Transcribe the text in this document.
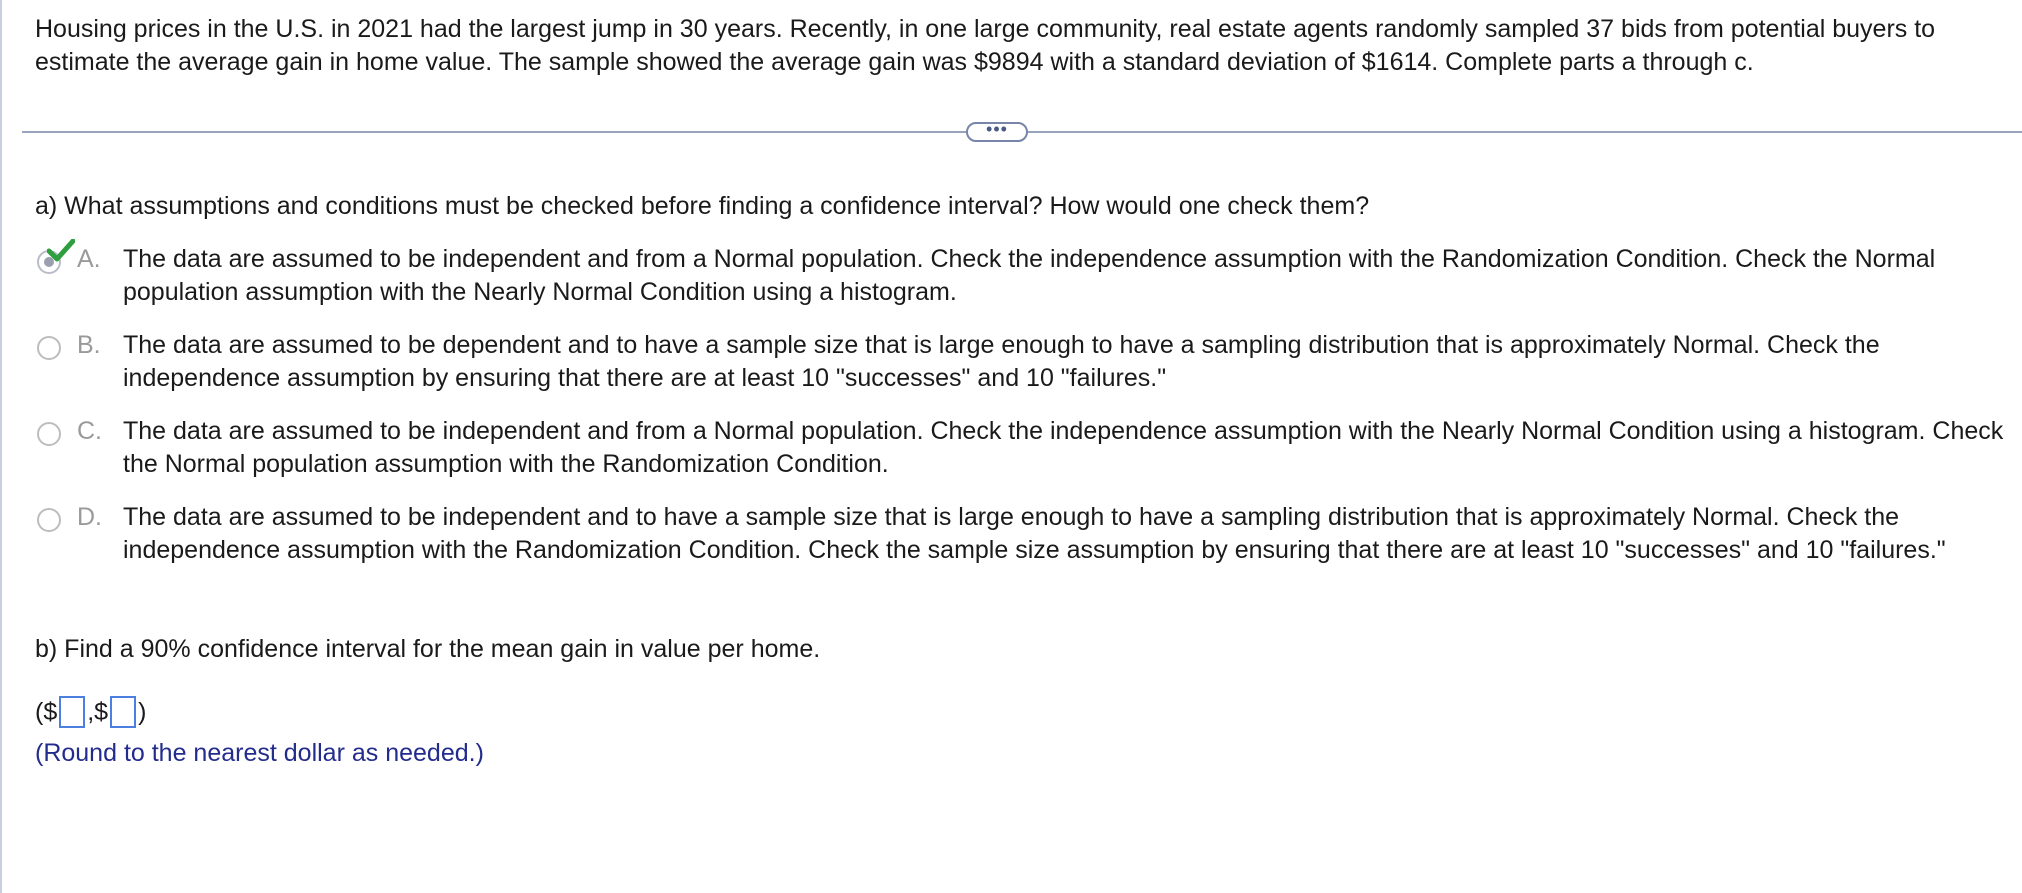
Housing prices in the U.S. in 2021 had the largest jump in 30 years. Recently, in one large community, real estate agents randomly sampled 37 bids from potential buyers to estimate the average gain in home value. The sample showed the average gain was $9894 with a standard deviation of $1614. Complete parts a through c.
•••
a) What assumptions and conditions must be checked before finding a confidence interval? How would one check them?
A. The data are assumed to be independent and from a Normal population. Check the independence assumption with the Randomization Condition. Check the Normal population assumption with the Nearly Normal Condition using a histogram.
B. The data are assumed to be dependent and to have a sample size that is large enough to have a sampling distribution that is approximately Normal. Check the independence assumption by ensuring that there are at least 10 "successes" and 10 "failures."
C. The data are assumed to be independent and from a Normal population. Check the independence assumption with the Nearly Normal Condition using a histogram. Check the Normal population assumption with the Randomization Condition.
D. The data are assumed to be independent and to have a sample size that is large enough to have a sampling distribution that is approximately Normal. Check the independence assumption with the Randomization Condition. Check the sample size assumption by ensuring that there are at least 10 "successes" and 10 "failures."
b) Find a 90% confidence interval for the mean gain in value per home.
($ ,$ )
(Round to the nearest dollar as needed.)
